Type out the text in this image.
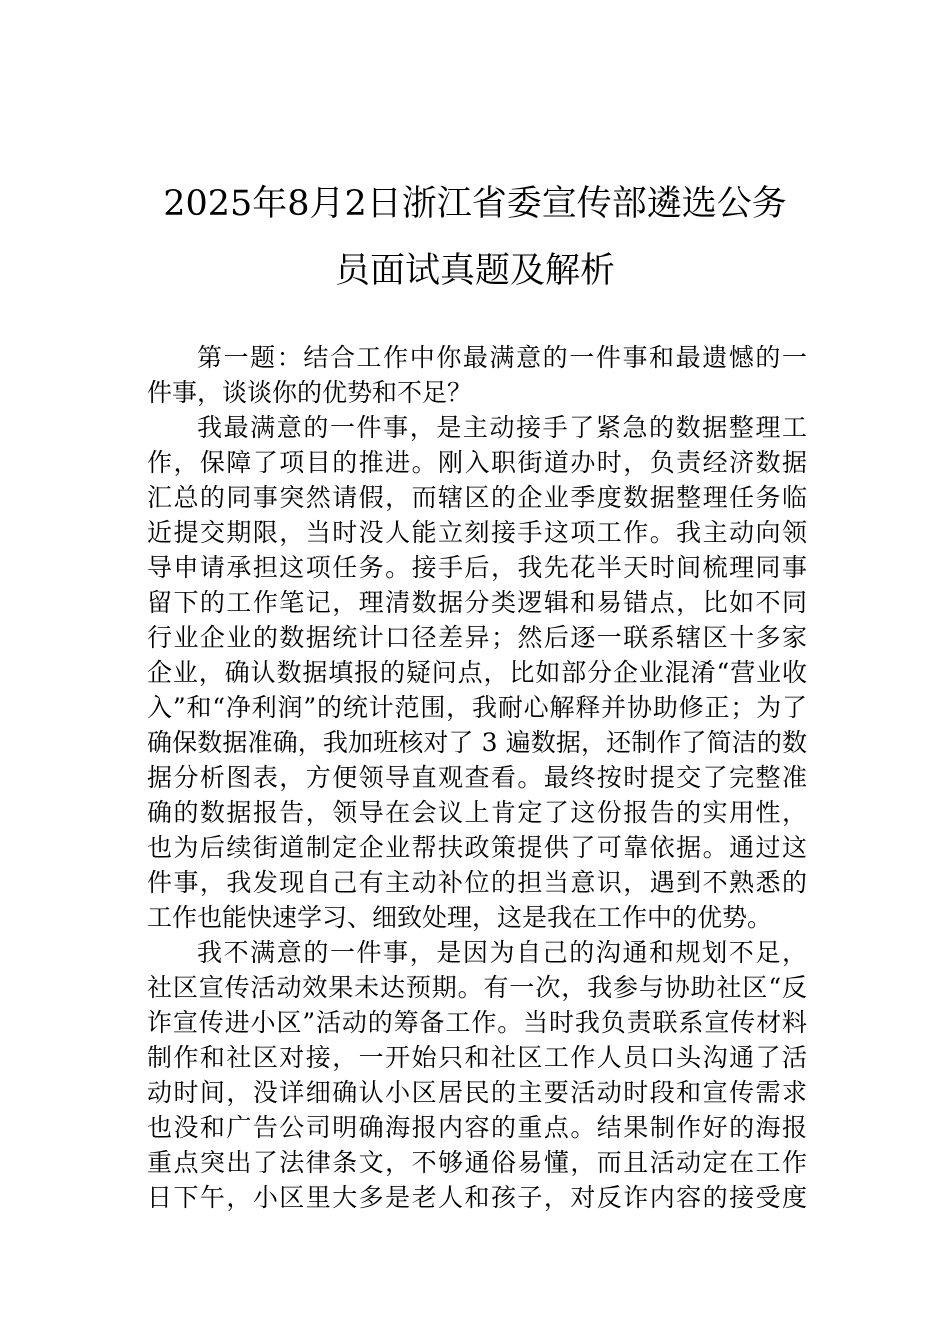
2025年8月2日浙江省委宣传部遴选公务
员面试真题及解析
第一题：结合工作中你最满意的一件事和最遗憾的一
件事，谈谈你的优势和不足？
我最满意的一件事，是主动接手了紧急的数据整理工
作，保障了项目的推进。刚入职街道办时，负责经济数据
汇总的同事突然请假，而辖区的企业季度数据整理任务临
近提交期限，当时没人能立刻接手这项工作。我主动向领
导申请承担这项任务。接手后，我先花半天时间梳理同事
留下的工作笔记，理清数据分类逻辑和易错点，比如不同
行业企业的数据统计口径差异；然后逐一联系辖区十多家
企业，确认数据填报的疑问点，比如部分企业混淆“营业收
入”和“净利润”的统计范围，我耐心解释并协助修正；为了
确保数据准确，我加班核对了 3 遍数据，还制作了简洁的数
据分析图表，方便领导直观查看。最终按时提交了完整准
确的数据报告，领导在会议上肯定了这份报告的实用性，
也为后续街道制定企业帮扶政策提供了可靠依据。通过这
件事，我发现自己有主动补位的担当意识，遇到不熟悉的
工作也能快速学习、细致处理，这是我在工作中的优势。
我不满意的一件事，是因为自己的沟通和规划不足，
社区宣传活动效果未达预期。有一次，我参与协助社区“反
诈宣传进小区”活动的筹备工作。当时我负责联系宣传材料
制作和社区对接，一开始只和社区工作人员口头沟通了活
动时间，没详细确认小区居民的主要活动时段和宣传需求
也没和广告公司明确海报内容的重点。结果制作好的海报
重点突出了法律条文，不够通俗易懂，而且活动定在工作
日下午，小区里大多是老人和孩子，对反诈内容的接受度
